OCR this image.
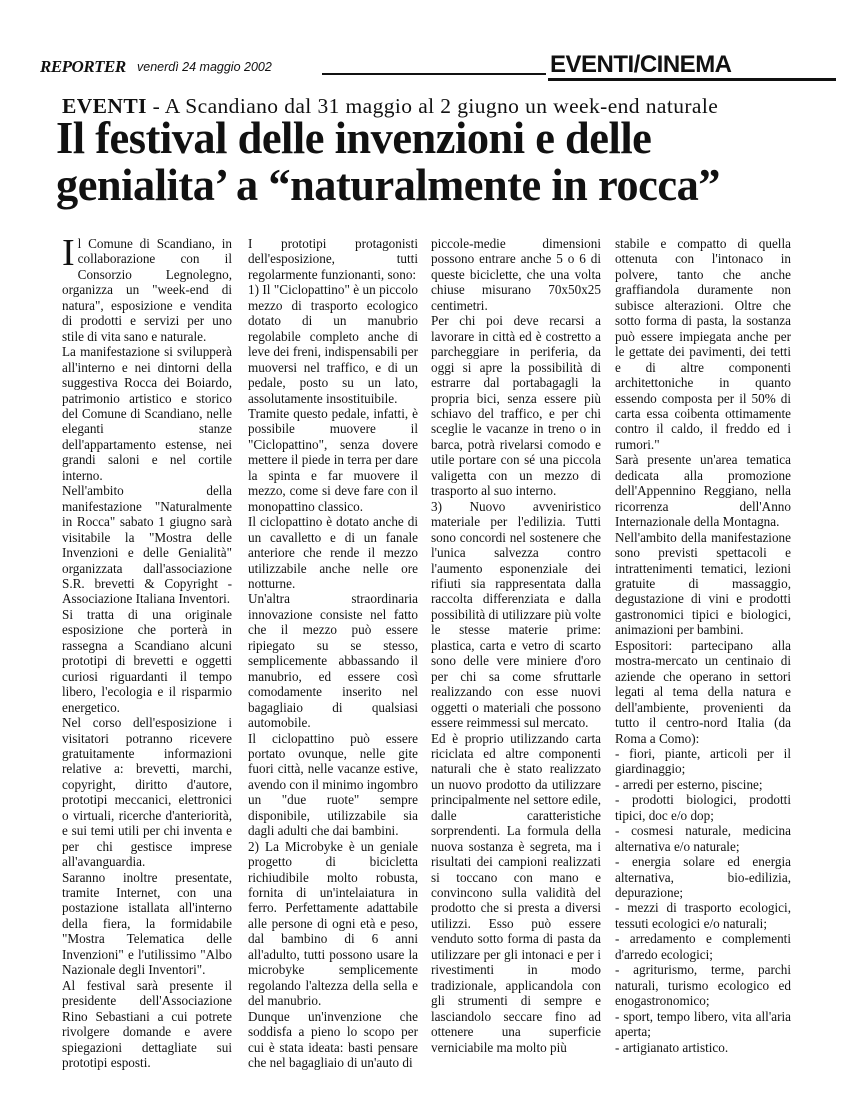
REPORTER venerdì 24 maggio 2002	EVENTI/CINEMA
EVENTI - A Scandiano dal 31 maggio al 2 giugno un week-end naturale
Il festival delle invenzioni e delle
genialita’ a “naturalmente in rocca”

Il Comune di Scandiano, in collaborazione con il Consorzio Legnolegno, organizza un "week-end di natura", esposizione e vendita di prodotti e servizi per uno stile di vita sano e naturale.

La manifestazione si svilupperà all'interno e nei dintorni della suggestiva Rocca dei Boiardo, patrimonio artistico e storico del Comune di Scandiano, nelle eleganti stanze dell'appartamento estense, nei grandi saloni e nel cortile interno.

Nell'ambito della manifestazione "Naturalmente in Rocca" sabato 1 giugno sarà visitabile la "Mostra delle Invenzioni e delle Genialità" organizzata dall'associazione S.R. brevetti & Copyright - Associazione Italiana Inventori.

Si tratta di una originale esposizione che porterà in rassegna a Scandiano alcuni prototipi di brevetti e oggetti curiosi riguardanti il tempo libero, l'ecologia e il risparmio energetico.

Nel corso dell'esposizione i visitatori potranno ricevere gratuitamente informazioni relative a: brevetti, marchi, copyright, diritto d'autore, prototipi meccanici, elettronici o virtuali, ricerche d'anteriorità, e sui temi utili per chi inventa e per chi gestisce imprese all'avanguardia.

Saranno inoltre presentate, tramite Internet, con una postazione istallata all'interno della fiera, la formidabile "Mostra Telematica delle Invenzioni" e l'utilissimo "Albo Nazionale degli Inventori".

Al festival sarà presente il presidente dell'Associazione Rino Sebastiani a cui potrete rivolgere domande e avere spiegazioni dettagliate sui prototipi esposti.

I prototipi protagonisti dell'esposizione, tutti regolarmente funzionanti, sono:

1) Il "Ciclopattino" è un piccolo mezzo di trasporto ecologico dotato di un manubrio regolabile completo anche di leve dei freni, indispensabili per muoversi nel traffico, e di un pedale, posto su un lato, assolutamente insostituibile.

Tramite questo pedale, infatti, è possibile muovere il "Ciclopattino", senza dovere mettere il piede in terra per dare la spinta e far muovere il mezzo, come si deve fare con il monopattino classico.

Il ciclopattino è dotato anche di un cavalletto e di un fanale anteriore che rende il mezzo utilizzabile anche nelle ore notturne.

Un'altra straordinaria innovazione consiste nel fatto che il mezzo può essere ripiegato su se stesso, semplicemente abbassando il manubrio, ed essere così comodamente inserito nel bagagliaio di qualsiasi automobile.

Il ciclopattino può essere portato ovunque, nelle gite fuori città, nelle vacanze estive, avendo con il minimo ingombro un "due ruote" sempre disponibile, utilizzabile sia dagli adulti che dai bambini.

2) La Microbyke è un geniale progetto di bicicletta richiudibile molto robusta, fornita di un'intelaiatura in ferro. Perfettamente adattabile alle persone di ogni età e peso, dal bambino di 6 anni all'adulto, tutti possono usare la microbyke semplicemente regolando l'altezza della sella e del manubrio.

Dunque un'invenzione che soddisfa a pieno lo scopo per cui è stata ideata: basti pensare che nel bagagliaio di un'auto di

piccole-medie dimensioni possono entrare anche 5 o 6 di queste biciclette, che una volta chiuse misurano 70x50x25 centimetri.

Per chi poi deve recarsi a lavorare in città ed è costretto a parcheggiare in periferia, da oggi si apre la possibilità di estrarre dal portabagagli la propria bici, senza essere più schiavo del traffico, e per chi sceglie le vacanze in treno o in barca, potrà rivelarsi comodo e utile portare con sé una piccola valigetta con un mezzo di trasporto al suo interno.

3) Nuovo avveniristico materiale per l'edilizia. Tutti sono concordi nel sostenere che l'unica salvezza contro l'aumento esponenziale dei rifiuti sia rappresentata dalla raccolta differenziata e dalla possibilità di utilizzare più volte le stesse materie prime: plastica, carta e vetro di scarto sono delle vere miniere d'oro per chi sa come sfruttarle realizzando con esse nuovi oggetti o materiali che possono essere reimmessi sul mercato.

Ed è proprio utilizzando carta riciclata ed altre componenti naturali che è stato realizzato un nuovo prodotto da utilizzare principalmente nel settore edile, dalle caratteristiche sorprendenti. La formula della nuova sostanza è segreta, ma i risultati dei campioni realizzati si toccano con mano e convincono sulla validità del prodotto che si presta a diversi utilizzi. Esso può essere venduto sotto forma di pasta da utilizzare per gli intonaci e per i rivestimenti in modo tradizionale, applicandola con gli strumenti di sempre e lasciandolo seccare fino ad ottenere una superficie verniciabile ma molto più

stabile e compatto di quella ottenuta con l'intonaco in polvere, tanto che anche graffiandola duramente non subisce alterazioni. Oltre che sotto forma di pasta, la sostanza può essere impiegata anche per le gettate dei pavimenti, dei tetti e di altre componenti architettoniche in quanto essendo composta per il 50% di carta essa coibenta ottimamente contro il caldo, il freddo ed i rumori."

Sarà presente un'area tematica dedicata alla promozione dell'Appennino Reggiano, nella ricorrenza dell'Anno Internazionale della Montagna.

Nell'ambito della manifestazione sono previsti spettacoli e intrattenimenti tematici, lezioni gratuite di massaggio, degustazione di vini e prodotti gastronomici tipici e biologici, animazioni per bambini.

Espositori: partecipano alla mostra-mercato un centinaio di aziende che operano in settori legati al tema della natura e dell'ambiente, provenienti da tutto il centro-nord Italia (da Roma a Como):

- fiori, piante, articoli per il giardinaggio;

- arredi per esterno, piscine;

- prodotti biologici, prodotti tipici, doc e/o dop;

- cosmesi naturale, medicina alternativa e/o naturale;

- energia solare ed energia alternativa, bio-edilizia, depurazione;

- mezzi di trasporto ecologici, tessuti ecologici e/o naturali;

- arredamento e complementi d'arredo ecologici;

- agriturismo, terme, parchi naturali, turismo ecologico ed enogastronomico;

- sport, tempo libero, vita all'aria aperta;

- artigianato artistico.
